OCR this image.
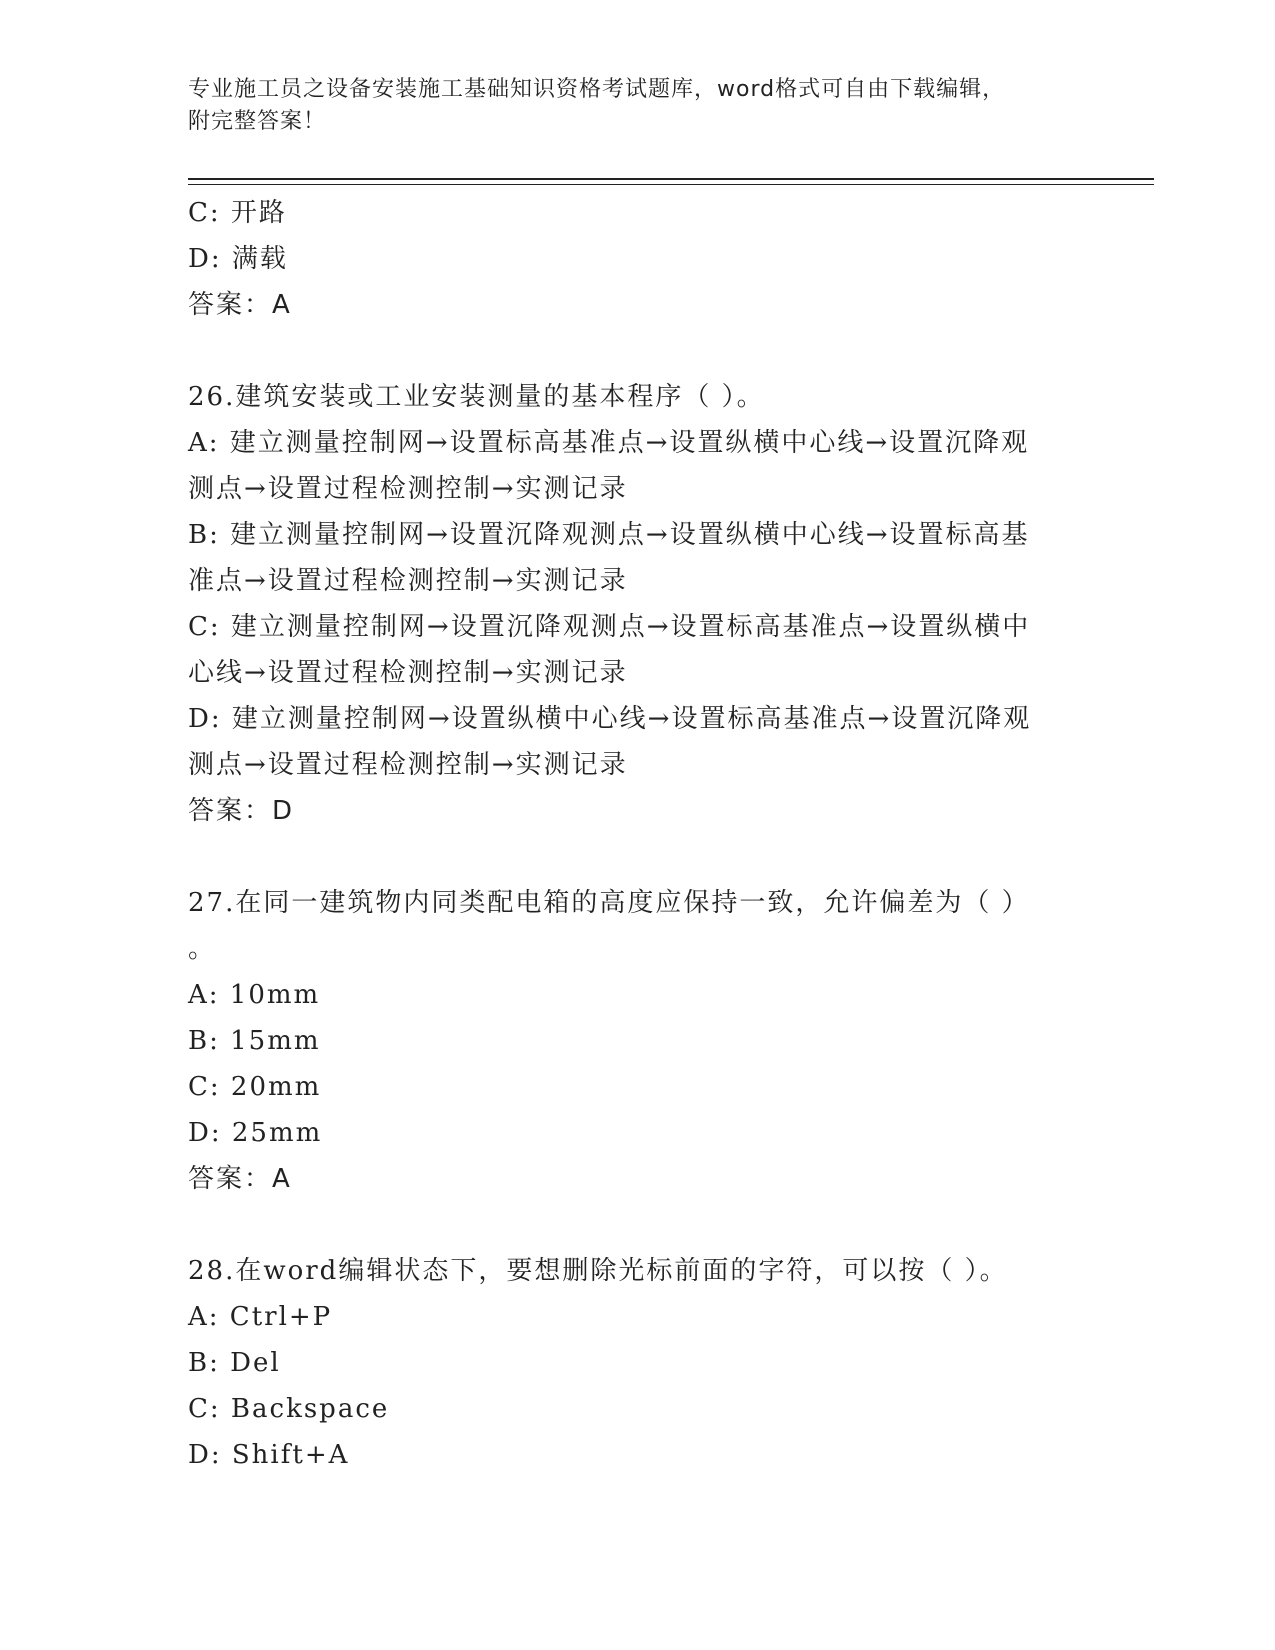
专业施工员之设备安装施工基础知识资格考试题库，word格式可自由下载编辑，
附完整答案！
C: 开路
D: 满载
答案：A
26.建筑安装或工业安装测量的基本程序（ ）。
A: 建立测量控制网→设置标高基准点→设置纵横中心线→设置沉降观
测点→设置过程检测控制→实测记录
B: 建立测量控制网→设置沉降观测点→设置纵横中心线→设置标高基
准点→设置过程检测控制→实测记录
C: 建立测量控制网→设置沉降观测点→设置标高基准点→设置纵横中
心线→设置过程检测控制→实测记录
D: 建立测量控制网→设置纵横中心线→设置标高基准点→设置沉降观
测点→设置过程检测控制→实测记录
答案：D
27.在同一建筑物内同类配电箱的高度应保持一致，允许偏差为（ ）
。
A: 10mm
B: 15mm
C: 20mm
D: 25mm
答案：A
28.在word编辑状态下，要想删除光标前面的字符，可以按（ ）。
A: Ctrl+P
B: Del
C: Backspace
D: Shift+A
